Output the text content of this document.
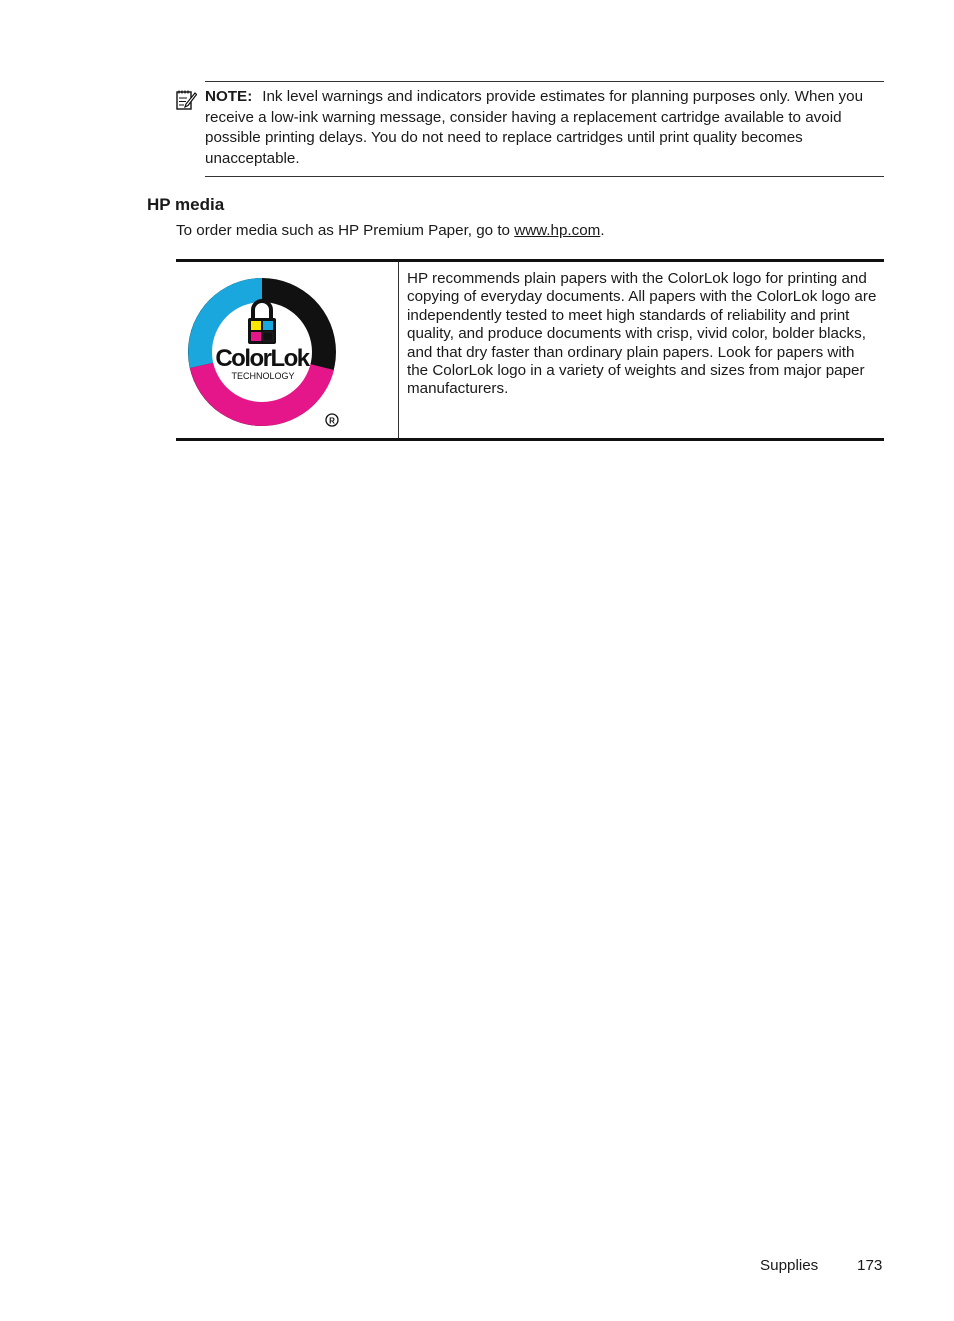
NOTE: Ink level warnings and indicators provide estimates for planning purposes only. When you receive a low-ink warning message, consider having a replacement cartridge available to avoid possible printing delays. You do not need to replace cartridges until print quality becomes unacceptable.

HP media

To order media such as HP Premium Paper, go to www.hp.com.

ColorLok
TECHNOLOGY
R

HP recommends plain papers with the ColorLok logo for printing and copying of everyday documents. All papers with the ColorLok logo are independently tested to meet high standards of reliability and print quality, and produce documents with crisp, vivid color, bolder blacks, and that dry faster than ordinary plain papers. Look for papers with the ColorLok logo in a variety of weights and sizes from major paper manufacturers.

Supplies	173
